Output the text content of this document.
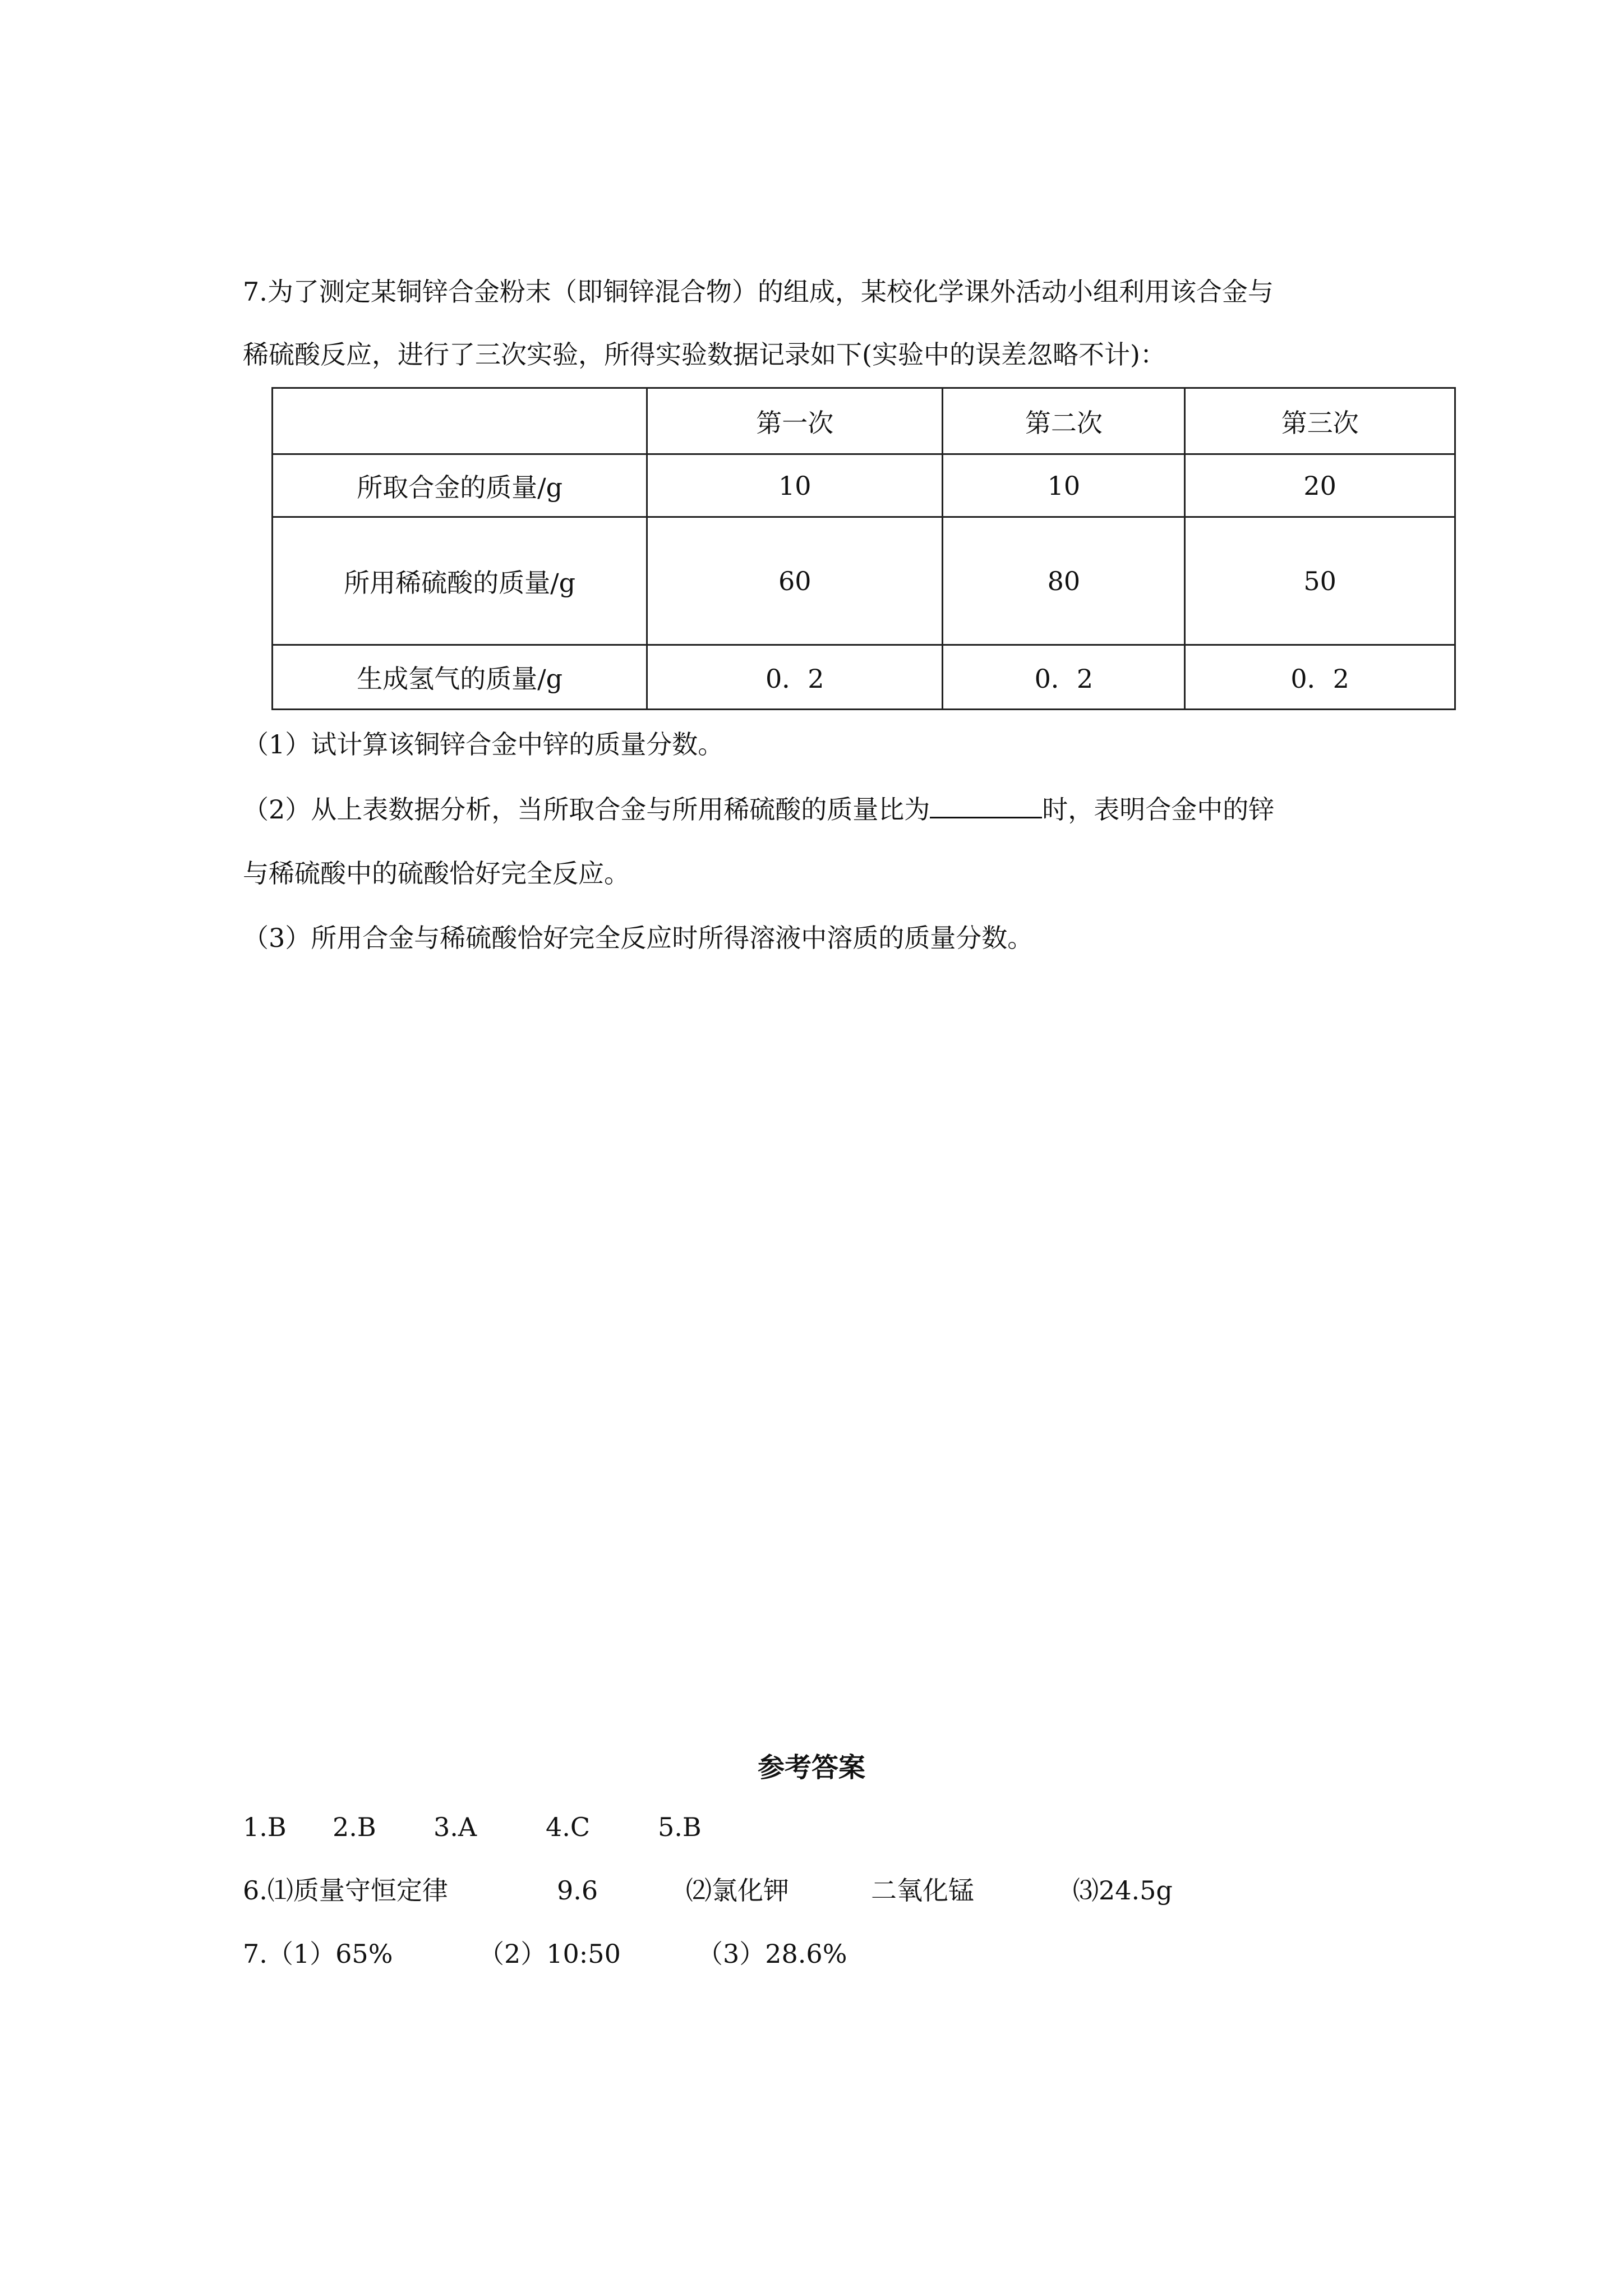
7.为了测定某铜锌合金粉末（即铜锌混合物）的组成，某校化学课外活动小组利用该合金与
稀硫酸反应，进行了三次实验，所得实验数据记录如下(实验中的误差忽略不计)：
	第一次	第二次	第三次
所取合金的质量/g	10	10	20
所用稀硫酸的质量/g	60	80	50
生成氢气的质量/g	0．2	0．2	0．2
（1）试计算该铜锌合金中锌的质量分数。
（2）从上表数据分析，当所取合金与所用稀硫酸的质量比为	时，表明合金中的锌
与稀硫酸中的硫酸恰好完全反应。
（3）所用合金与稀硫酸恰好完全反应时所得溶液中溶质的质量分数。
参考答案
1.B 2.B 3.A	4.C	5.B
6.⑴质量守恒定律	9.6	⑵氯化钾	二氧化锰	⑶24.5g
7.（1）65%	（2）10:50	（3）28.6%
